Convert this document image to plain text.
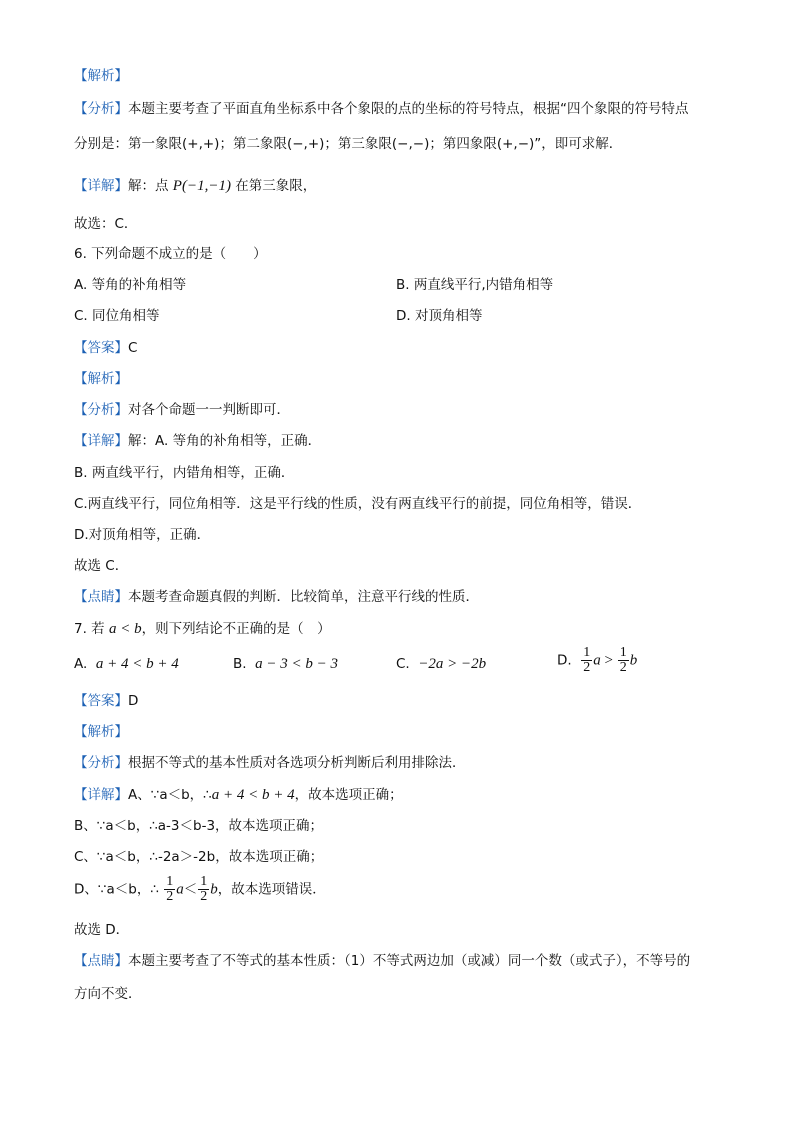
【解析】
【分析】本题主要考查了平面直角坐标系中各个象限的点的坐标的符号特点，根据“四个象限的符号特点
分别是：第一象限(+,+)；第二象限(−,+)；第三象限(−,−)；第四象限(+,−)”，即可求解．
【详解】解：点 P(−1,−1) 在第三象限，
故选：C．
6. 下列命题不成立的是（　　）
A. 等角的补角相等	B. 两直线平行,内错角相等
C. 同位角相等	D. 对顶角相等
【答案】C
【解析】
【分析】对各个命题一一判断即可．
【详解】解：A. 等角的补角相等，正确．
B. 两直线平行，内错角相等，正确．
C.两直线平行，同位角相等．这是平行线的性质，没有两直线平行的前提，同位角相等，错误．
D.对顶角相等，正确．
故选 C．
【点睛】本题考查命题真假的判断．比较简单，注意平行线的性质．
7. 若 a < b，则下列结论不正确的是（　）
A. a + 4 < b + 4	B. a − 3 < b − 3	C. −2a > −2b	D. $\frac{1}{2}$ $a > \frac{1}{2}$ b
【答案】D
【解析】
【分析】根据不等式的基本性质对各选项分析判断后利用排除法．
【详解】A、∵a＜b，∴a + 4 < b + 4，故本选项正确；
B、∵a＜b，∴a-3＜b-3，故本选项正确；
C、∵a＜b，∴-2a＞-2b，故本选项正确；
D、∵a＜b，∴ $\frac{1}{2} a< \frac{1}{2}$ b，故本选项错误．
故选 D．
【点睛】本题主要考查了不等式的基本性质：（1）不等式两边加（或减）同一个数（或式子），不等号的
方向不变．
